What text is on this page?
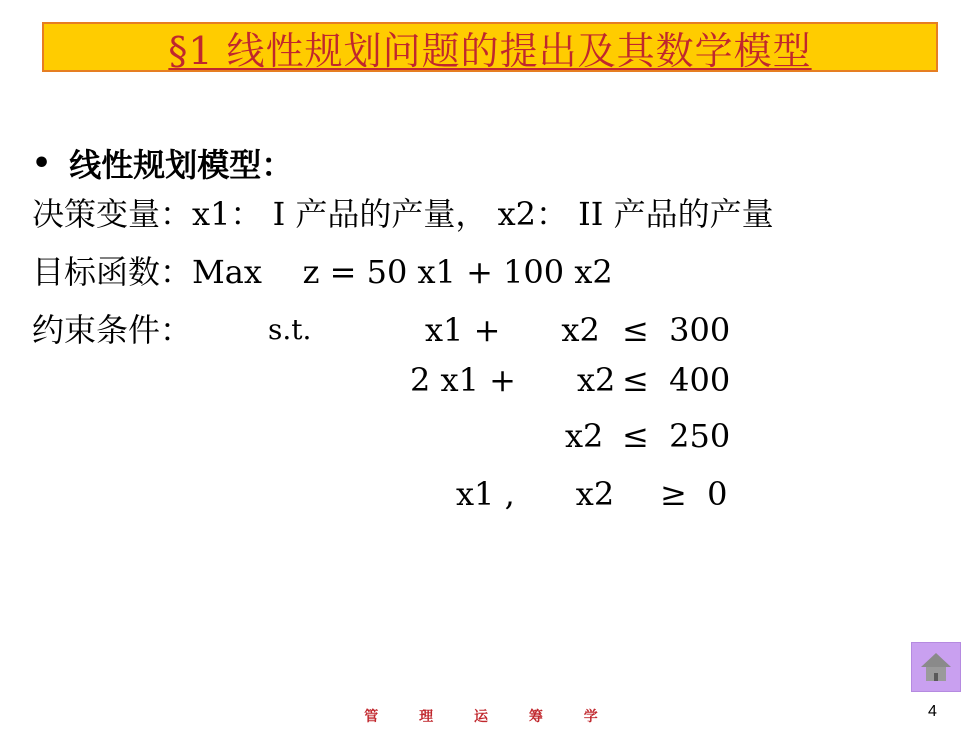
§1 线性规划问题的提出及其数学模型
• 线性规划模型：
决策变量：x1： I 产品的产量， x2： II 产品的产量
目标函数：Max    z = 50 x1 + 100 x2
约束条件：	s.t.	x1 +      x2 ≤  300
2 x1 +      x2 ≤  400
x2 ≤  250
x1 ,      x2 ≥  0
管 理 运 筹 学	4
